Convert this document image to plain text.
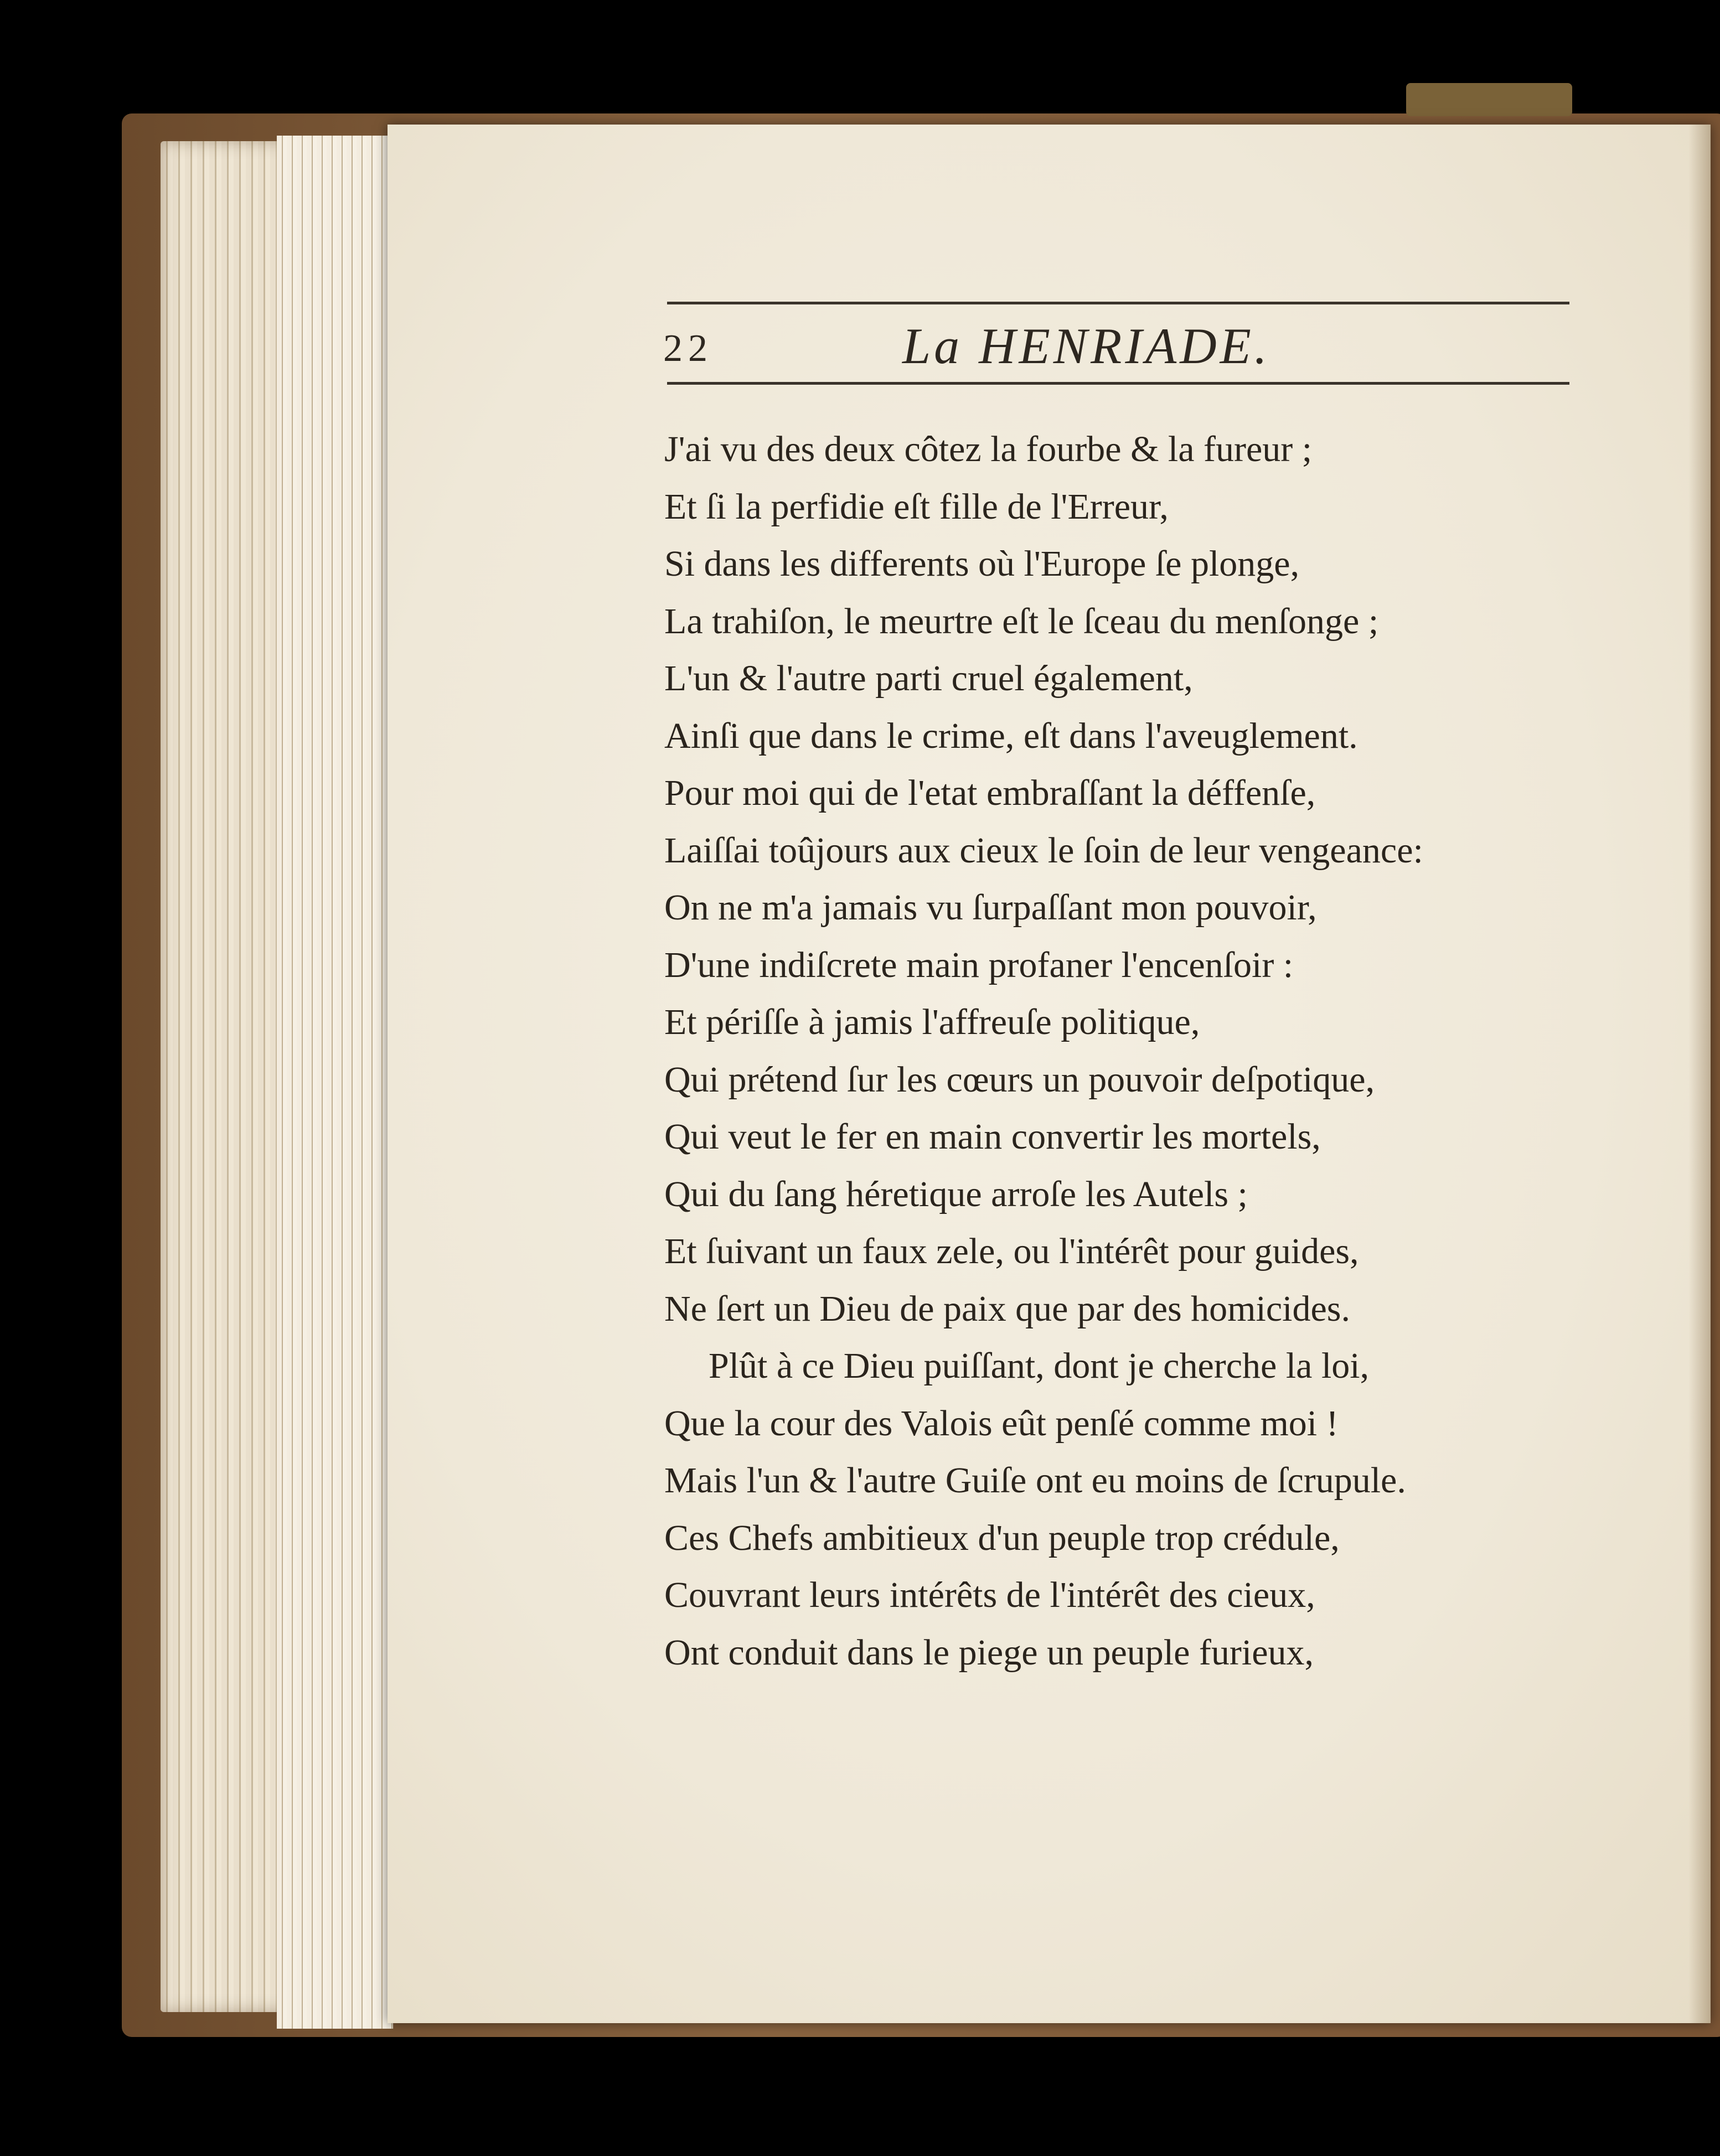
22	La HENRIADE.
J'ai vu des deux côtez la fourbe & la fureur ;
Et ſi la perfidie eſt fille de l'Erreur,
Si dans les differents où l'Europe ſe plonge,
La trahiſon, le meurtre eſt le ſceau du menſonge ;
L'un & l'autre parti cruel également,
Ainſi que dans le crime, eſt dans l'aveuglement.
Pour moi qui de l'etat embraſſant la déffenſe,
Laiſſai toûjours aux cieux le ſoin de leur vengeance:
On ne m'a jamais vu ſurpaſſant mon pouvoir,
D'une indiſcrete main profaner l'encenſoir :
Et périſſe à jamis l'affreuſe politique,
Qui prétend ſur les cœurs un pouvoir deſpotique,
Qui veut le fer en main convertir les mortels,
Qui du ſang héretique arroſe les Autels ;
Et ſuivant un faux zele, ou l'intérêt pour guides,
Ne ſert un Dieu de paix que par des homicides.
Plût à ce Dieu puiſſant, dont je cherche la loi,
Que la cour des Valois eût penſé comme moi !
Mais l'un & l'autre Guiſe ont eu moins de ſcrupule.
Ces Chefs ambitieux d'un peuple trop crédule,
Couvrant leurs intérêts de l'intérêt des cieux,
Ont conduit dans le piege un peuple furieux,
